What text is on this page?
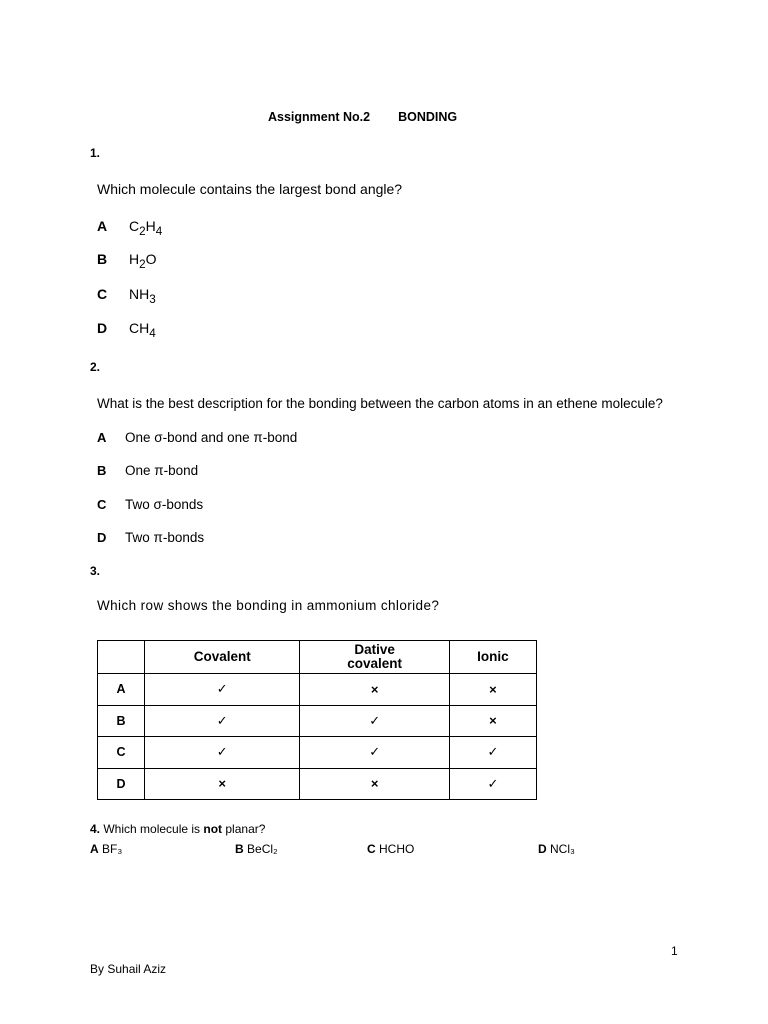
Assignment No.2 BONDING
1.
Which molecule contains the largest bond angle?
A $C_2H_4$
B $H_2O$
C $NH_3$
D $CH_4$
2.
What is the best description for the bonding between the carbon atoms in an ethene molecule?
A One σ-bond and one π-bond
B One π-bond
C Two σ-bonds
D Two π-bonds
3.
Which row shows the bonding in ammonium chloride?
	Covalent	Dative
covalent	Ionic
A	✓	×	×
B	✓	✓	×
C	✓	✓	✓
D	×	×	✓
4. Which molecule is not planar?
A BF₃	B BeCl₂	C HCHO	D NCl₃
1
By Suhail Aziz
